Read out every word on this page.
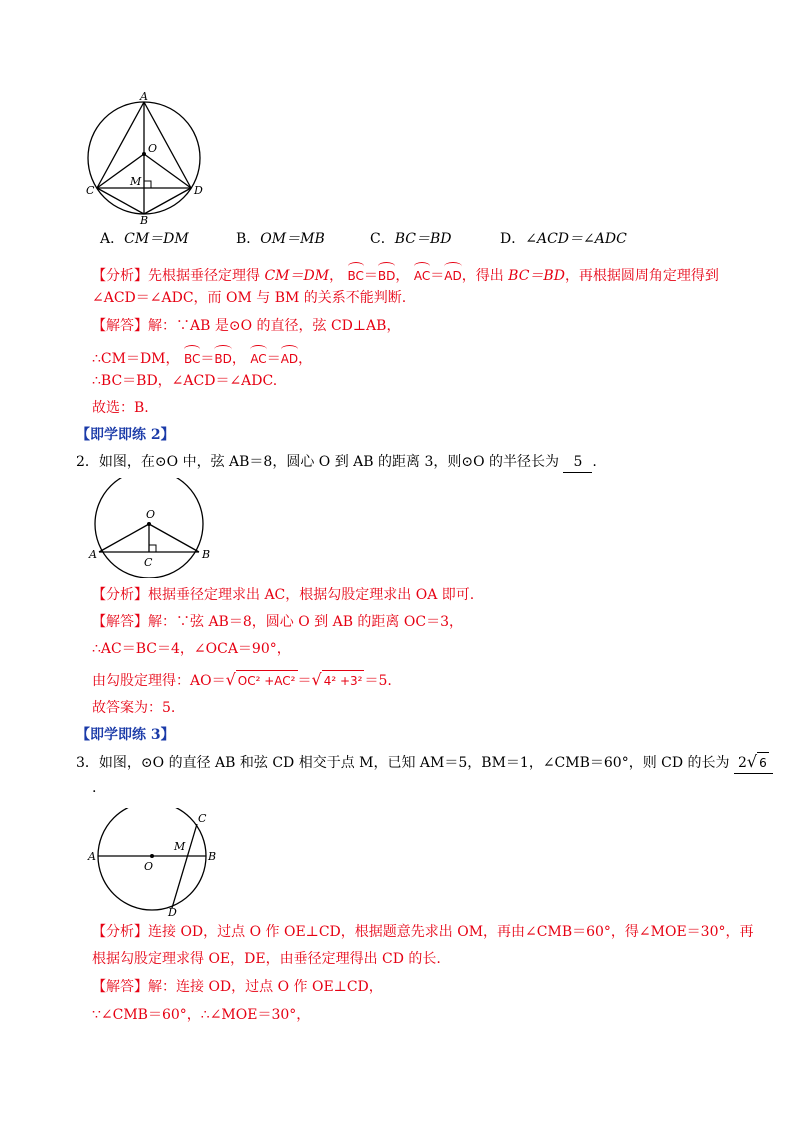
A
O
M
C	D
B
A．CM＝DM	B．OM＝MB	C．BC＝BD	D．∠ACD＝∠ADC
【分析】先根据垂径定理得 CM＝DM， BC＝BD， AC＝AD，得出 BC＝BD，再根据圆周角定理得到
∠ACD＝∠ADC，而 OM 与 BM 的关系不能判断.
【解答】解：∵AB 是⊙O 的直径，弦 CD⊥AB，
∴CM＝DM， BC＝BD， AC＝AD，
∴BC＝BD，∠ACD＝∠ADC.
故选：B.
【即学即练 2】
2．如图，在⊙O 中，弦 AB＝8，圆心 O 到 AB 的距离 3，则⊙O 的半径长为 5 .
O
A
C
B
【分析】根据垂径定理求出 AC，根据勾股定理求出 OA 即可.
【解答】解：∵弦 AB＝8，圆心 O 到 AB 的距离 OC＝3，
∴AC＝BC＝4，∠OCA＝90°，
由勾股定理得：AO＝√ OC² +AC² ＝√ 4² +3² ＝5.
故答案为：5.
【即学即练 3】
3．如图，⊙O 的直径 AB 和弦 CD 相交于点 M，已知 AM＝5，BM＝1，∠CMB＝60°，则 CD 的长为 2√ 6
.
A
O
M
B
C
D
【分析】连接 OD，过点 O 作 OE⊥CD，根据题意先求出 OM，再由∠CMB＝60°，得∠MOE＝30°，再
根据勾股定理求得 OE，DE，由垂径定理得出 CD 的长.
【解答】解：连接 OD，过点 O 作 OE⊥CD，
∵∠CMB＝60°，∴∠MOE＝30°，
